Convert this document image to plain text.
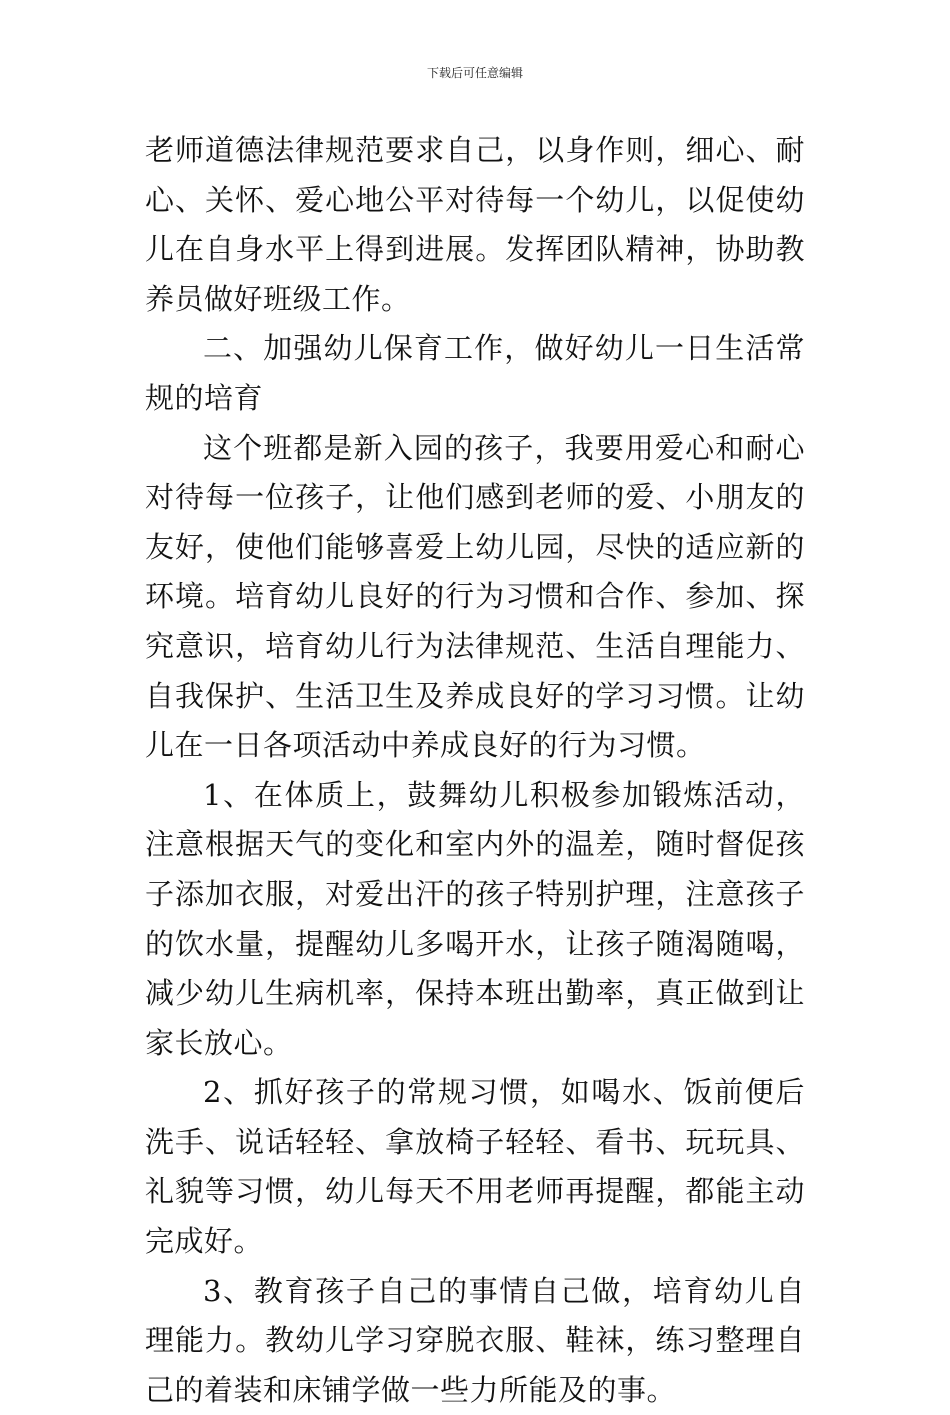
下载后可任意编辑

老师道德法律规范要求自己，以身作则，细心、耐心、关怀、爱心地公平对待每一个幼儿，以促使幼儿在自身水平上得到进展。发挥团队精神，协助教养员做好班级工作。

二、加强幼儿保育工作，做好幼儿一日生活常规的培育

这个班都是新入园的孩子，我要用爱心和耐心对待每一位孩子，让他们感到老师的爱、小朋友的友好，使他们能够喜爱上幼儿园，尽快的适应新的环境。培育幼儿良好的行为习惯和合作、参加、探究意识，培育幼儿行为法律规范、生活自理能力、自我保护、生活卫生及养成良好的学习习惯。让幼儿在一日各项活动中养成良好的行为习惯。

1、在体质上，鼓舞幼儿积极参加锻炼活动，注意根据天气的变化和室内外的温差，随时督促孩子添加衣服，对爱出汗的孩子特别护理，注意孩子的饮水量，提醒幼儿多喝开水，让孩子随渴随喝，减少幼儿生病机率，保持本班出勤率，真正做到让家长放心。

2、抓好孩子的常规习惯，如喝水、饭前便后洗手、说话轻轻、拿放椅子轻轻、看书、玩玩具、礼貌等习惯，幼儿每天不用老师再提醒，都能主动完成好。

3、教育孩子自己的事情自己做，培育幼儿自理能力。教幼儿学习穿脱衣服、鞋袜，练习整理自己的着装和床铺学做一些力所能及的事。
